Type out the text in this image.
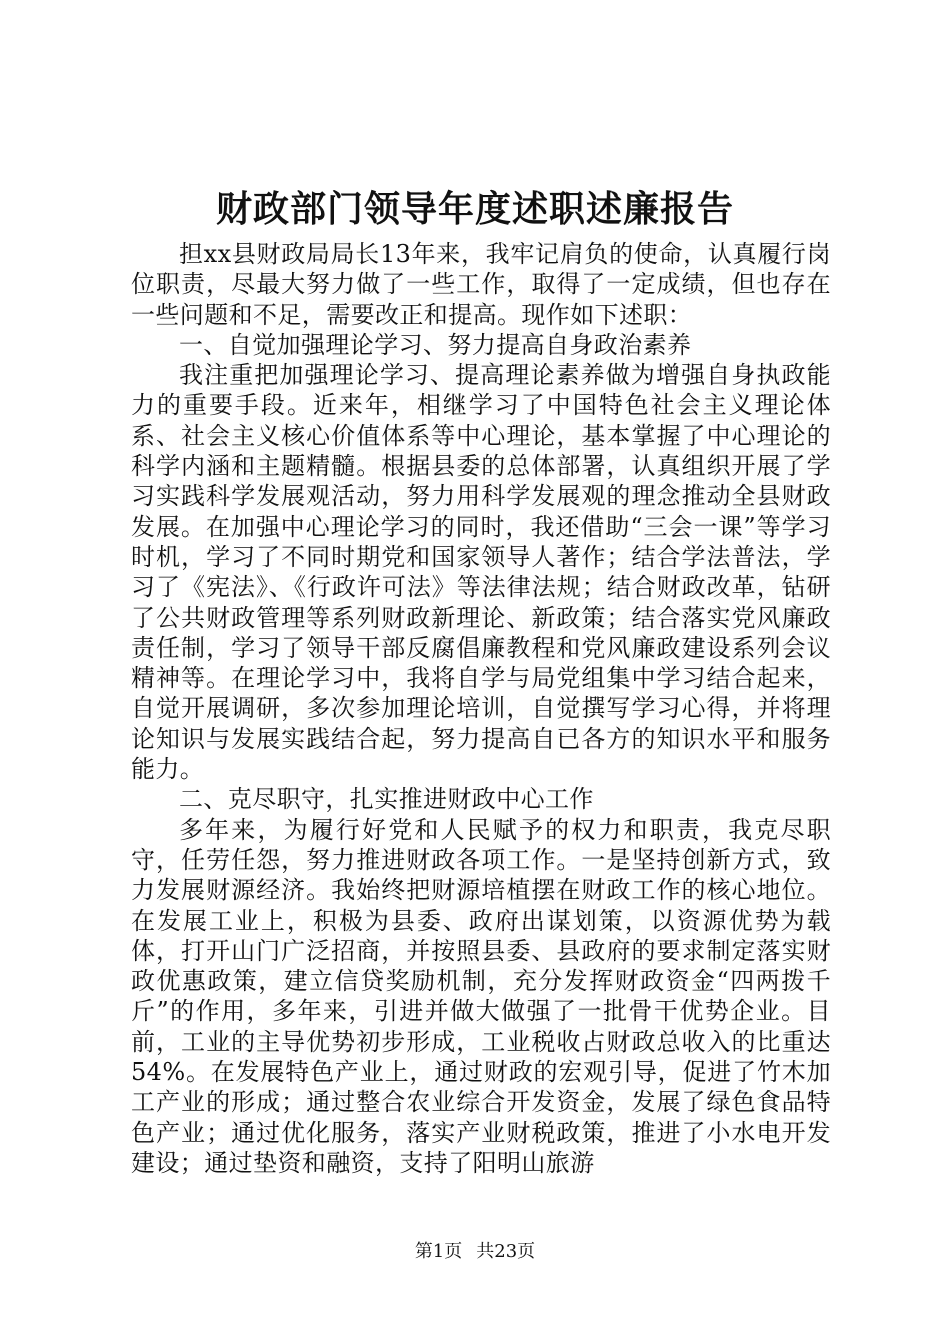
财政部门领导年度述职述廉报告

担xx县财政局局长13年来，我牢记肩负的使命，认真履行岗位职责，尽最大努力做了一些工作，取得了一定成绩，但也存在一些问题和不足，需要改正和提高。现作如下述职：

一、自觉加强理论学习、努力提高自身政治素养

我注重把加强理论学习、提高理论素养做为增强自身执政能力的重要手段。近来年，相继学习了中国特色社会主义理论体系、社会主义核心价值体系等中心理论，基本掌握了中心理论的科学内涵和主题精髓。根据县委的总体部署，认真组织开展了学习实践科学发展观活动，努力用科学发展观的理念推动全县财政发展。在加强中心理论学习的同时，我还借助“三会一课”等学习时机，学习了不同时期党和国家领导人著作；结合学法普法，学习了《宪法》、《行政许可法》等法律法规；结合财政改革，钻研了公共财政管理等系列财政新理论、新政策；结合落实党风廉政责任制，学习了领导干部反腐倡廉教程和党风廉政建设系列会议精神等。在理论学习中，我将自学与局党组集中学习结合起来，自觉开展调研，多次参加理论培训，自觉撰写学习心得，并将理论知识与发展实践结合起，努力提高自已各方的知识水平和服务能力。

二、克尽职守，扎实推进财政中心工作

多年来，为履行好党和人民赋予的权力和职责，我克尽职守，任劳任怨，努力推进财政各项工作。一是坚持创新方式，致力发展财源经济。我始终把财源培植摆在财政工作的核心地位。在发展工业上，积极为县委、政府出谋划策，以资源优势为载体，打开山门广泛招商，并按照县委、县政府的要求制定落实财政优惠政策，建立信贷奖励机制，充分发挥财政资金“四两拨千斤”的作用，多年来，引进并做大做强了一批骨干优势企业。目前，工业的主导优势初步形成，工业税收占财政总收入的比重达54%。在发展特色产业上，通过财政的宏观引导，促进了竹木加工产业的形成；通过整合农业综合开发资金，发展了绿色食品特色产业；通过优化服务，落实产业财税政策，推进了小水电开发建设；通过垫资和融资，支持了阳明山旅游

第1页 共23页
